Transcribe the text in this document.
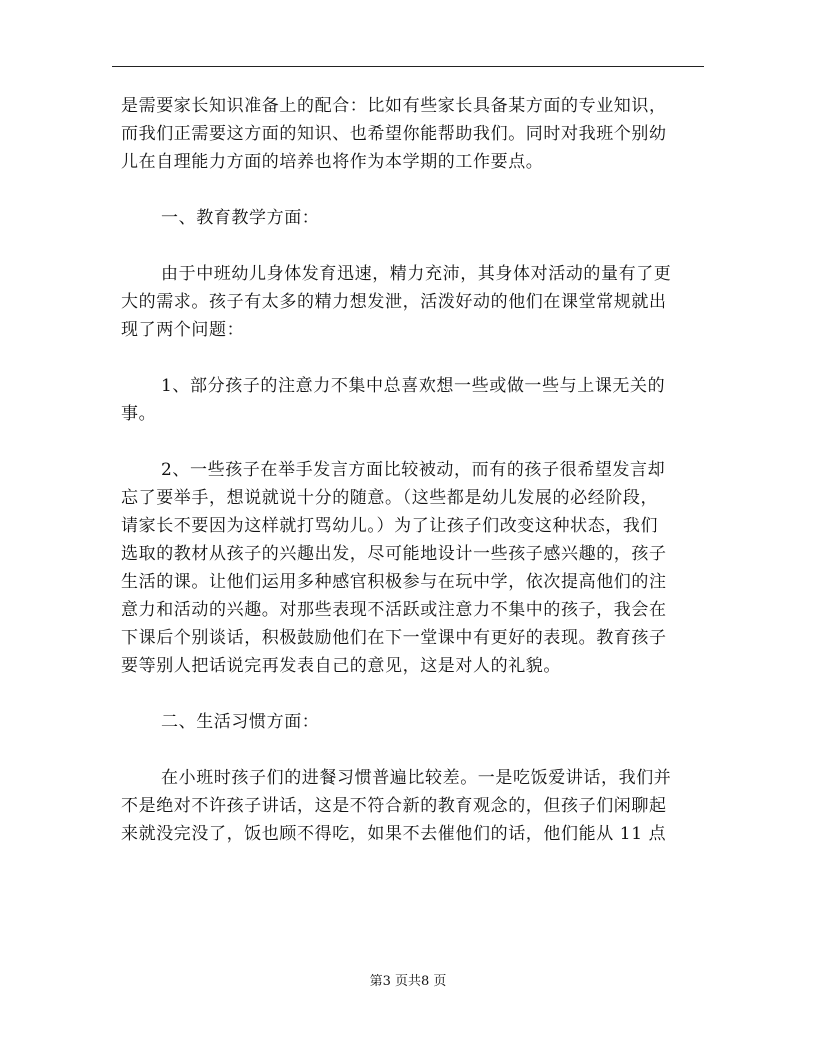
是需要家长知识准备上的配合：比如有些家长具备某方面的专业知识，
而我们正需要这方面的知识、也希望你能帮助我们。同时对我班个别幼
儿在自理能力方面的培养也将作为本学期的工作要点。

一、教育教学方面：

由于中班幼儿身体发育迅速，精力充沛，其身体对活动的量有了更
大的需求。孩子有太多的精力想发泄，活泼好动的他们在课堂常规就出
现了两个问题：

1、部分孩子的注意力不集中总喜欢想一些或做一些与上课无关的
事。

2、一些孩子在举手发言方面比较被动，而有的孩子很希望发言却
忘了要举手，想说就说十分的随意。（这些都是幼儿发展的必经阶段，
请家长不要因为这样就打骂幼儿。）为了让孩子们改变这种状态，我们
选取的教材从孩子的兴趣出发，尽可能地设计一些孩子感兴趣的，孩子
生活的课。让他们运用多种感官积极参与在玩中学，依次提高他们的注
意力和活动的兴趣。对那些表现不活跃或注意力不集中的孩子，我会在
下课后个别谈话，积极鼓励他们在下一堂课中有更好的表现。教育孩子
要等别人把话说完再发表自己的意见，这是对人的礼貌。

二、生活习惯方面：

在小班时孩子们的进餐习惯普遍比较差。一是吃饭爱讲话，我们并
不是绝对不许孩子讲话，这是不符合新的教育观念的，但孩子们闲聊起
来就没完没了，饭也顾不得吃，如果不去催他们的话，他们能从 11 点

第3 页共8 页
